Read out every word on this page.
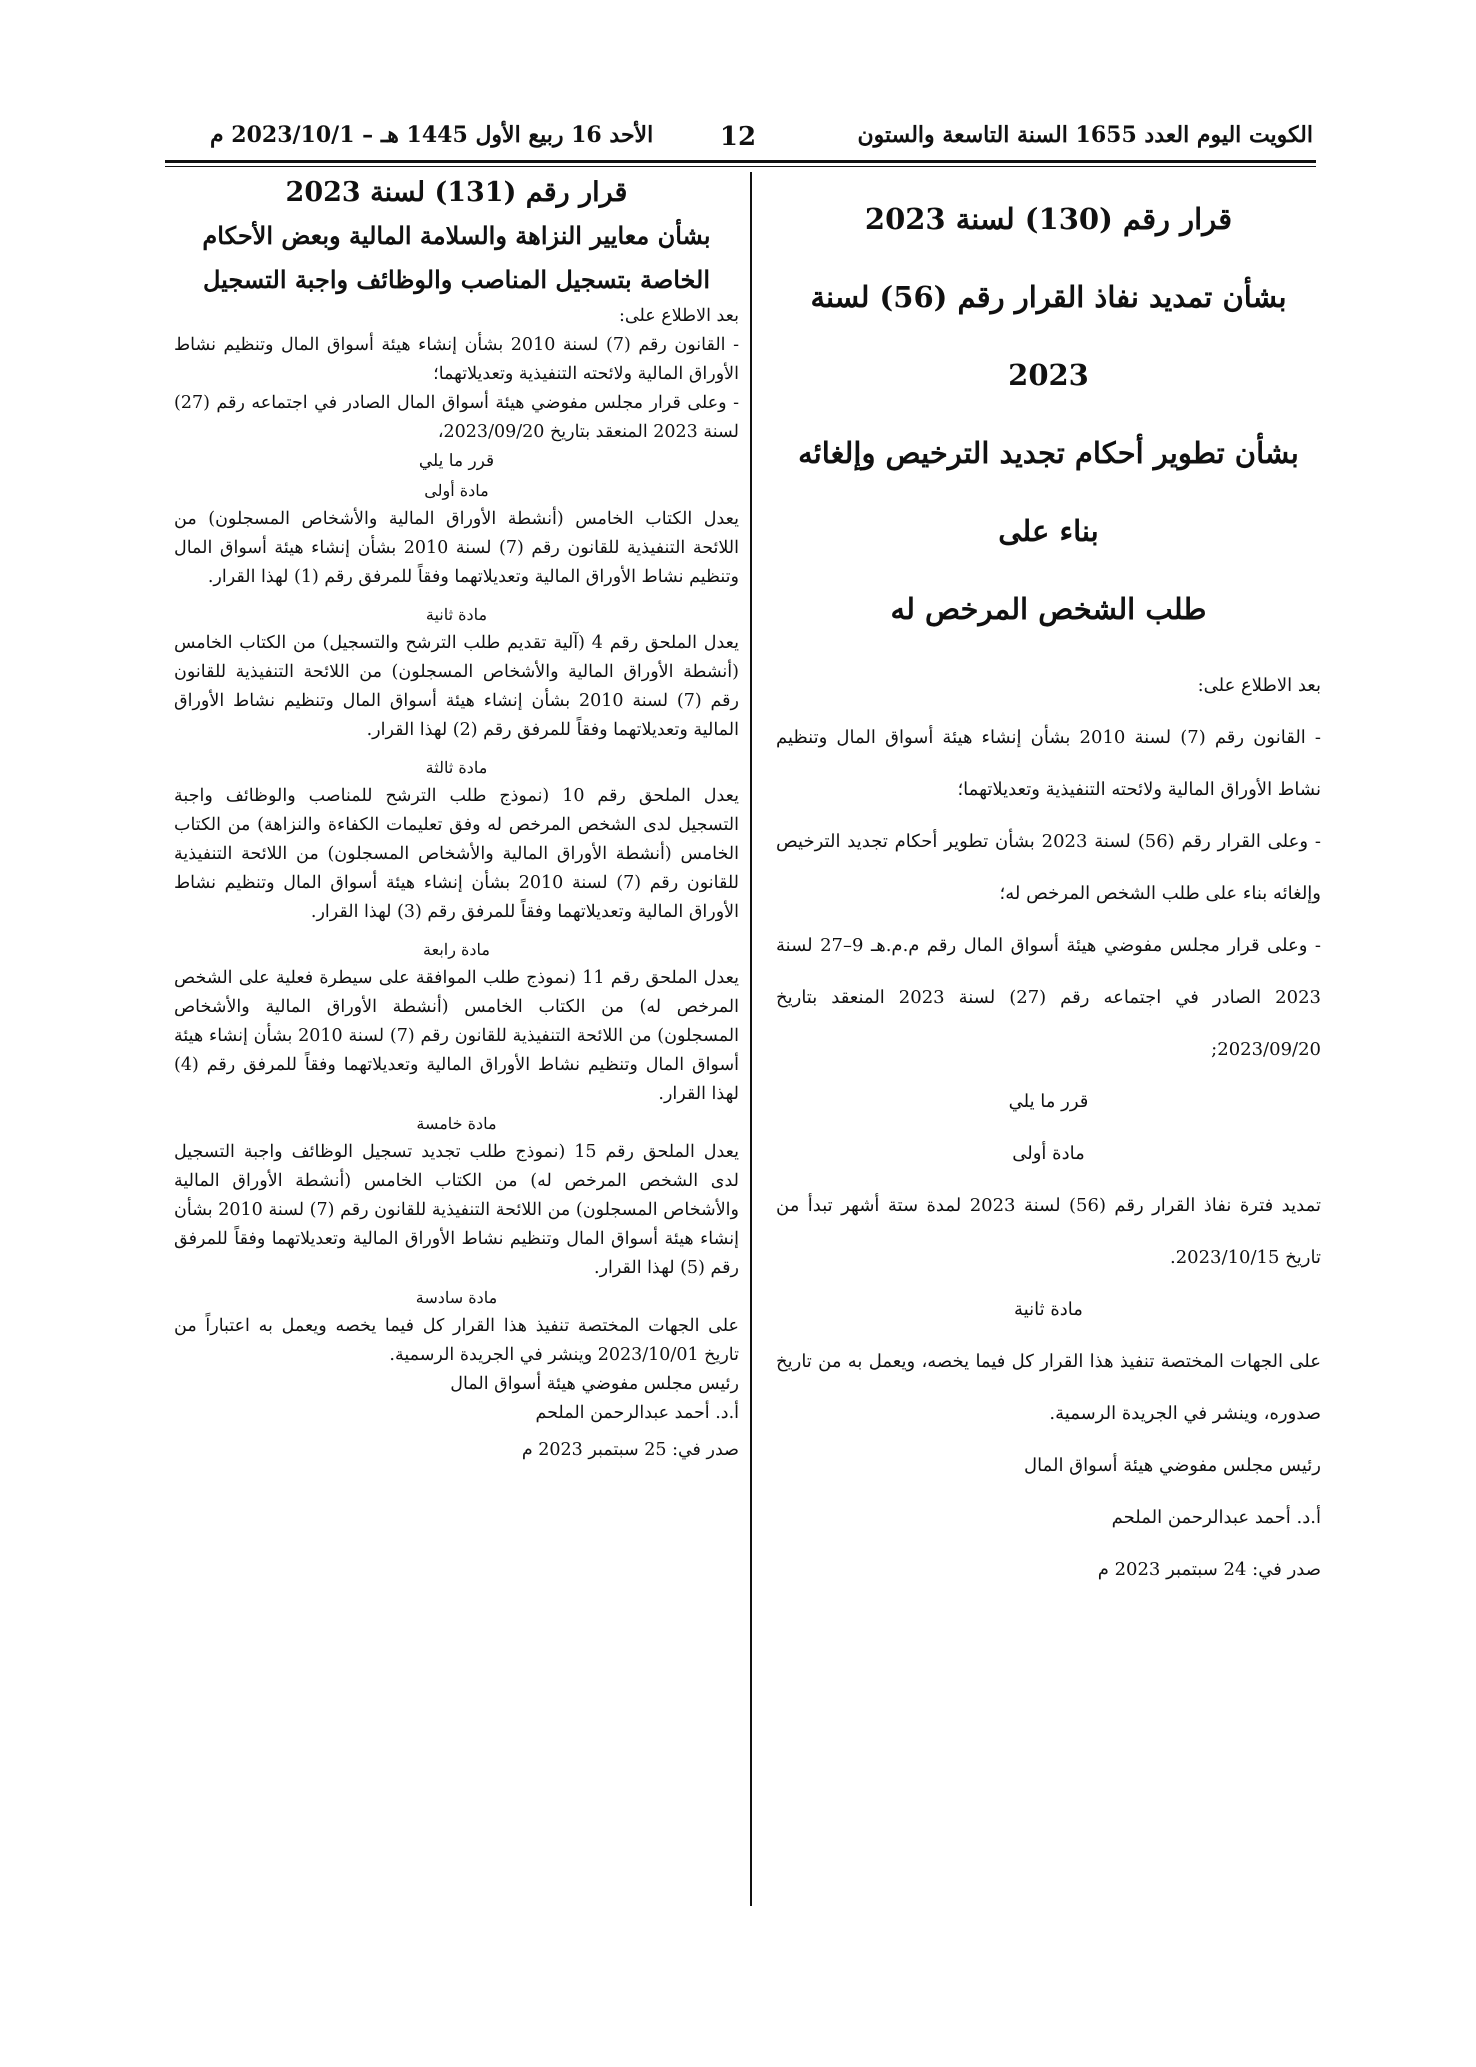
الكويت اليوم العدد 1655 السنة التاسعة والستون
12
الأحد 16 ربيع الأول 1445 هـ – 2023/10/1 م

قرار رقم (130) لسنة 2023

بشأن تمديد نفاذ القرار رقم (56) لسنة 2023

بشأن تطوير أحكام تجديد الترخيص وإلغائه بناء على

طلب الشخص المرخص له

بعد الاطلاع على:

- القانون رقم (7) لسنة 2010 بشأن إنشاء هيئة أسواق المال وتنظيم نشاط الأوراق المالية ولائحته التنفيذية وتعديلاتهما؛

- وعلى القرار رقم (56) لسنة 2023 بشأن تطوير أحكام تجديد الترخيص وإلغائه بناء على طلب الشخص المرخص له؛

- وعلى قرار مجلس مفوضي هيئة أسواق المال رقم م.م.هـ 9–27 لسنة 2023 الصادر في اجتماعه رقم (27) لسنة 2023 المنعقد بتاريخ 2023/09/20;

قرر ما يلي

مادة أولى

تمديد فترة نفاذ القرار رقم (56) لسنة 2023 لمدة ستة أشهر تبدأ من تاريخ 2023/10/15.

مادة ثانية

على الجهات المختصة تنفيذ هذا القرار كل فيما يخصه، ويعمل به من تاريخ صدوره، وينشر في الجريدة الرسمية.

رئيس مجلس مفوضي هيئة أسواق المال

أ.د. أحمد عبدالرحمن الملحم

صدر في: 24 سبتمبر 2023 م

قرار رقم (131) لسنة 2023

بشأن معايير النزاهة والسلامة المالية وبعض الأحكام

الخاصة بتسجيل المناصب والوظائف واجبة التسجيل

بعد الاطلاع على:

- القانون رقم (7) لسنة 2010 بشأن إنشاء هيئة أسواق المال وتنظيم نشاط الأوراق المالية ولائحته التنفيذية وتعديلاتهما؛

- وعلى قرار مجلس مفوضي هيئة أسواق المال الصادر في اجتماعه رقم (27) لسنة 2023 المنعقد بتاريخ 2023/09/20،

قرر ما يلي

مادة أولى

يعدل الكتاب الخامس (أنشطة الأوراق المالية والأشخاص المسجلون) من اللائحة التنفيذية للقانون رقم (7) لسنة 2010 بشأن إنشاء هيئة أسواق المال وتنظيم نشاط الأوراق المالية وتعديلاتهما وفقاً للمرفق رقم (1) لهذا القرار.

مادة ثانية

يعدل الملحق رقم 4 (آلية تقديم طلب الترشح والتسجيل) من الكتاب الخامس (أنشطة الأوراق المالية والأشخاص المسجلون) من اللائحة التنفيذية للقانون رقم (7) لسنة 2010 بشأن إنشاء هيئة أسواق المال وتنظيم نشاط الأوراق المالية وتعديلاتهما وفقاً للمرفق رقم (2) لهذا القرار.

مادة ثالثة

يعدل الملحق رقم 10 (نموذج طلب الترشح للمناصب والوظائف واجبة التسجيل لدى الشخص المرخص له وفق تعليمات الكفاءة والنزاهة) من الكتاب الخامس (أنشطة الأوراق المالية والأشخاص المسجلون) من اللائحة التنفيذية للقانون رقم (7) لسنة 2010 بشأن إنشاء هيئة أسواق المال وتنظيم نشاط الأوراق المالية وتعديلاتهما وفقاً للمرفق رقم (3) لهذا القرار.

مادة رابعة

يعدل الملحق رقم 11 (نموذج طلب الموافقة على سيطرة فعلية على الشخص المرخص له) من الكتاب الخامس (أنشطة الأوراق المالية والأشخاص المسجلون) من اللائحة التنفيذية للقانون رقم (7) لسنة 2010 بشأن إنشاء هيئة أسواق المال وتنظيم نشاط الأوراق المالية وتعديلاتهما وفقاً للمرفق رقم (4) لهذا القرار.

مادة خامسة

يعدل الملحق رقم 15 (نموذج طلب تجديد تسجيل الوظائف واجبة التسجيل لدى الشخص المرخص له) من الكتاب الخامس (أنشطة الأوراق المالية والأشخاص المسجلون) من اللائحة التنفيذية للقانون رقم (7) لسنة 2010 بشأن إنشاء هيئة أسواق المال وتنظيم نشاط الأوراق المالية وتعديلاتهما وفقاً للمرفق رقم (5) لهذا القرار.

مادة سادسة

على الجهات المختصة تنفيذ هذا القرار كل فيما يخصه ويعمل به اعتباراً من تاريخ 2023/10/01 وينشر في الجريدة الرسمية.

رئيس مجلس مفوضي هيئة أسواق المال

أ.د. أحمد عبدالرحمن الملحم

صدر في: 25 سبتمبر 2023 م
